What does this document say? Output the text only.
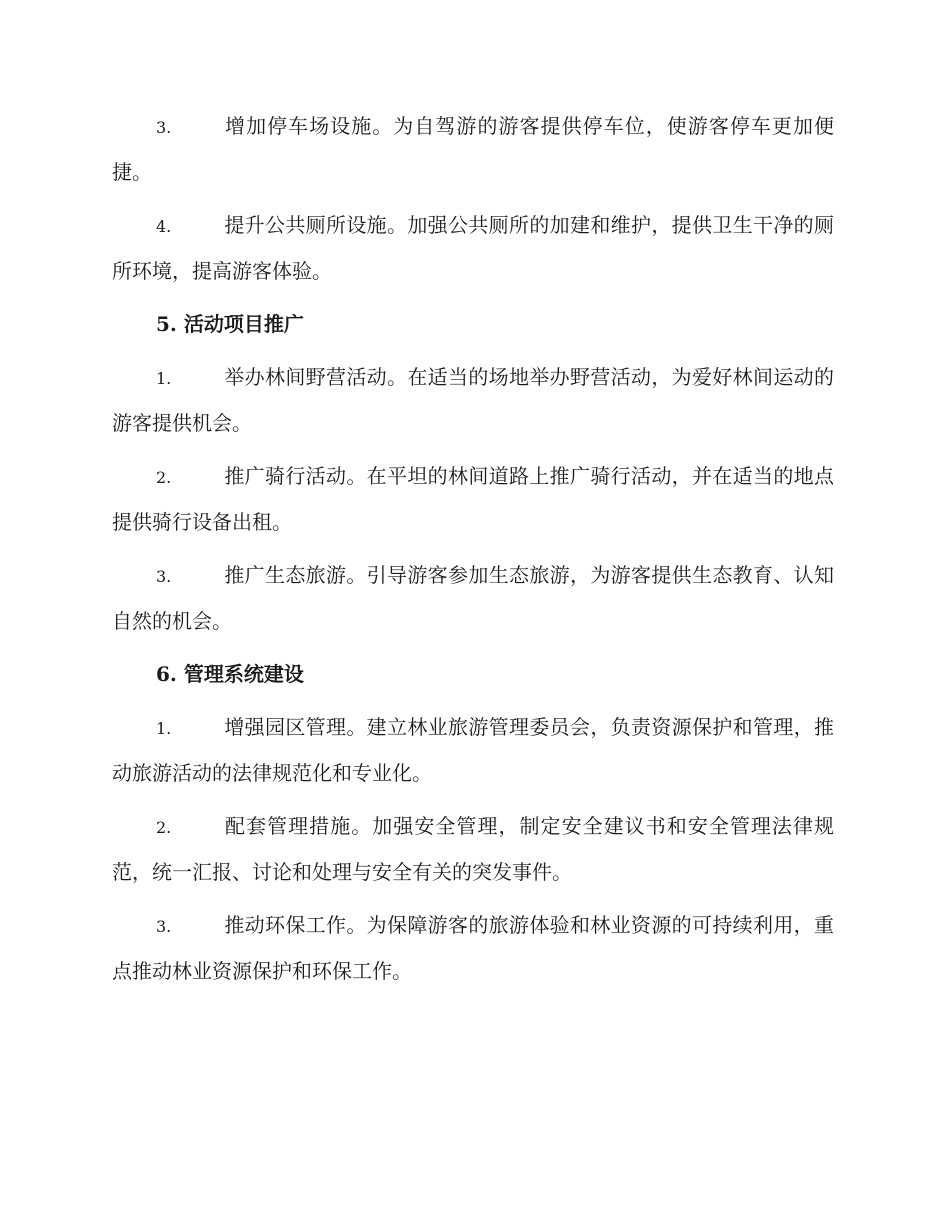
3.	增加停车场设施。为自驾游的游客提供停车位，使游客停车更加便捷。

4.	提升公共厕所设施。加强公共厕所的加建和维护，提供卫生干净的厕所环境，提高游客体验。

5. 活动项目推广

1.	举办林间野营活动。在适当的场地举办野营活动，为爱好林间运动的游客提供机会。

2.	推广骑行活动。在平坦的林间道路上推广骑行活动，并在适当的地点提供骑行设备出租。

3.	推广生态旅游。引导游客参加生态旅游，为游客提供生态教育、认知自然的机会。

6. 管理系统建设

1.	增强园区管理。建立林业旅游管理委员会，负责资源保护和管理，推动旅游活动的法律规范化和专业化。

2.	配套管理措施。加强安全管理，制定安全建议书和安全管理法律规范，统一汇报、讨论和处理与安全有关的突发事件。

3.	推动环保工作。为保障游客的旅游体验和林业资源的可持续利用，重点推动林业资源保护和环保工作。
